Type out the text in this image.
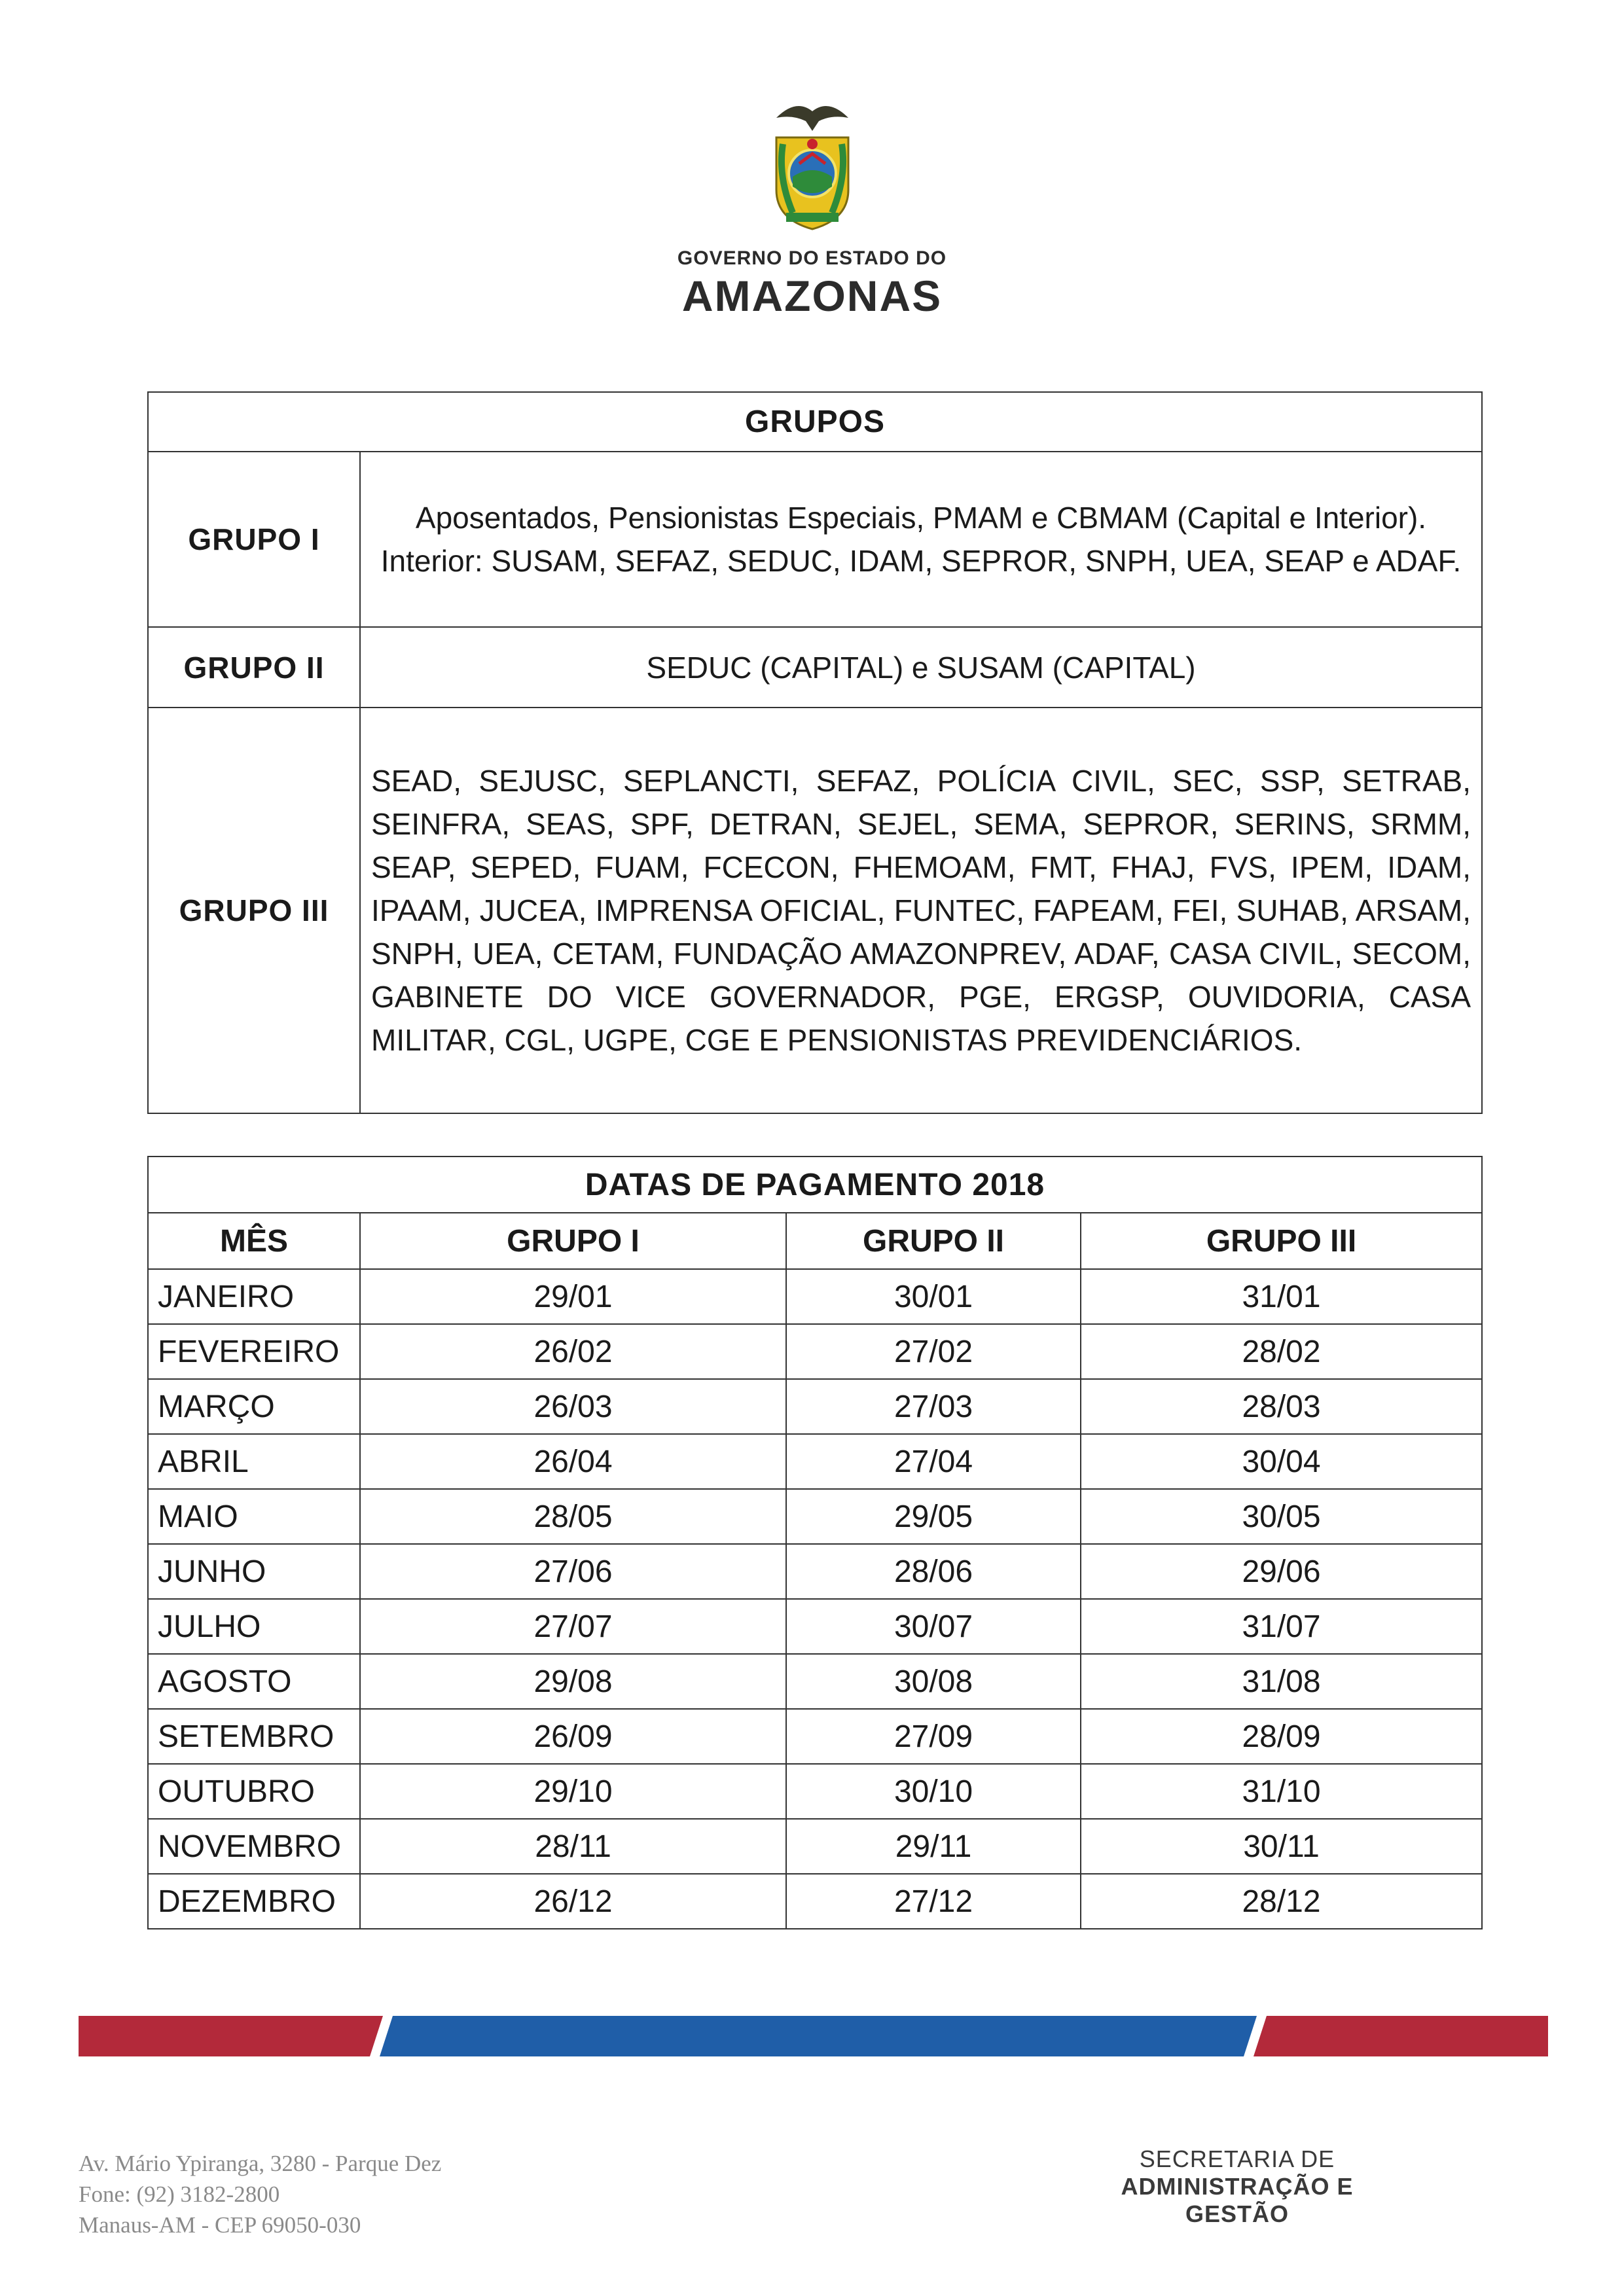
GOVERNO DO ESTADO DO
AMAZONAS
GRUPOS	
GRUPO I	Aposentados, Pensionistas Especiais, PMAM e CBMAM (Capital e Interior). Interior: SUSAM, SEFAZ, SEDUC, IDAM, SEPROR, SNPH, UEA, SEAP e ADAF.
GRUPO II	SEDUC (CAPITAL) e SUSAM (CAPITAL)
GRUPO III	SEAD, SEJUSC, SEPLANCTI, SEFAZ, POLÍCIA CIVIL, SEC, SSP, SETRAB, SEINFRA, SEAS, SPF, DETRAN, SEJEL, SEMA, SEPROR, SERINS, SRMM, SEAP, SEPED, FUAM, FCECON, FHEMOAM, FMT, FHAJ, FVS, IPEM, IDAM, IPAAM, JUCEA, IMPRENSA OFICIAL, FUNTEC, FAPEAM, FEI, SUHAB, ARSAM, SNPH, UEA, CETAM, FUNDAÇÃO AMAZONPREV, ADAF, CASA CIVIL, SECOM, GABINETE DO VICE GOVERNADOR, PGE, ERGSP, OUVIDORIA, CASA MILITAR, CGL, UGPE, CGE E PENSIONISTAS PREVIDENCIÁRIOS.
DATAS DE PAGAMENTO 2018			
MÊS	GRUPO I	GRUPO II	GRUPO III
JANEIRO	29/01	30/01	31/01
FEVEREIRO	26/02	27/02	28/02
MARÇO	26/03	27/03	28/03
ABRIL	26/04	27/04	30/04
MAIO	28/05	29/05	30/05
JUNHO	27/06	28/06	29/06
JULHO	27/07	30/07	31/07
AGOSTO	29/08	30/08	31/08
SETEMBRO	26/09	27/09	28/09
OUTUBRO	29/10	30/10	31/10
NOVEMBRO	28/11	29/11	30/11
DEZEMBRO	26/12	27/12	28/12
Av. Mário Ypiranga, 3280 - Parque Dez
Fone: (92) 3182-2800
Manaus-AM - CEP 69050-030
SECRETARIA DE
ADMINISTRAÇÃO E GESTÃO
